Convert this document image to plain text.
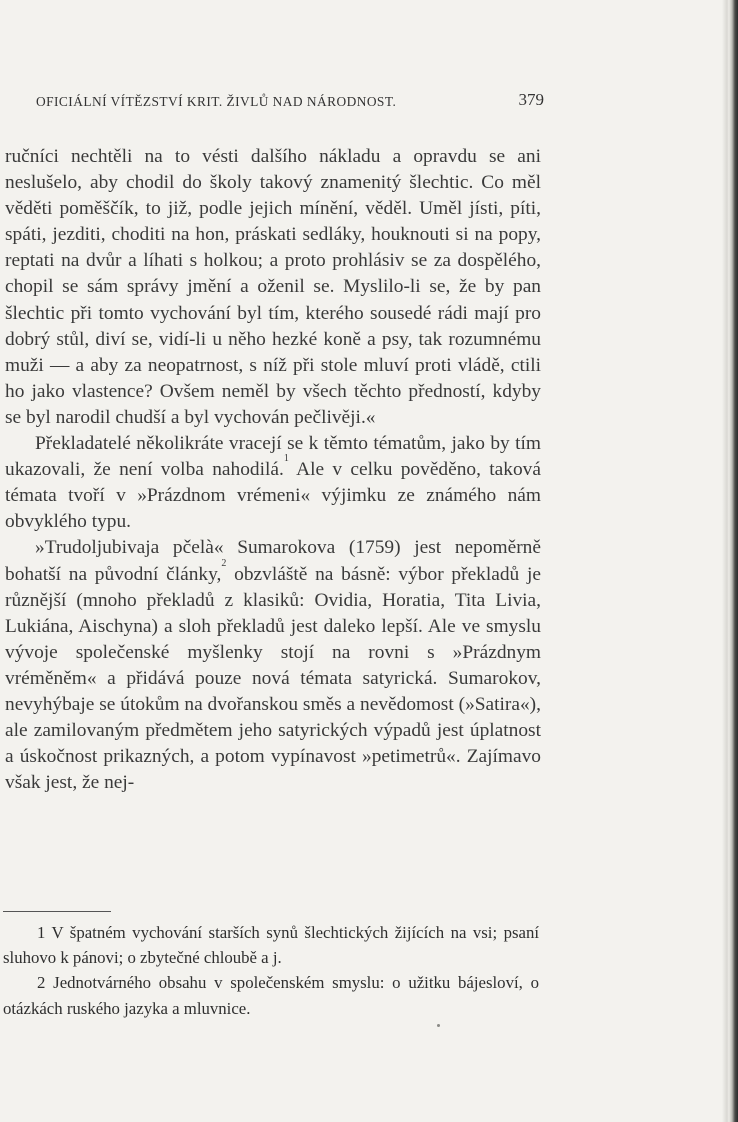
OFICIÁLNÍ VÍTĚZSTVÍ KRIT. ŽIVLŮ NAD NÁRODNOST.	379

ručníci nechtěli na to vésti dalšího nákladu a opravdu se ani neslušelo, aby chodil do školy takový znamenitý šlechtic. Co měl věděti poměščík, to již, podle jejich mínění, věděl. Uměl jísti, píti, spáti, jezditi, choditi na hon, práskati sedláky, houknouti si na popy, reptati na dvůr a líhati s holkou; a proto prohlásiv se za dospělého, chopil se sám správy jmění a oženil se. Myslilo-li se, že by pan šlechtic při tomto vychování byl tím, kterého sousedé rádi mají pro dobrý stůl, diví se, vidí-li u něho hezké koně a psy, tak rozumnému muži — a aby za neopatrnost, s níž při stole mluví proti vládě, ctili ho jako vlastence? Ovšem neměl by všech těchto předností, kdyby se byl narodil chudší a byl vychován pečlivěji.«

Překladatelé několikráte vracejí se k těmto tématům, jako by tím ukazovali, že není volba nahodilá.$^1$ Ale v celku pověděno, taková témata tvoří v »Prázdnom vrémeni« výjimku ze známého nám obvyklého typu.

»Trudoljubivaja pčelà« Sumarokova (1759) jest nepoměrně bohatší na původní články,$^2$ obzvláště na básně: výbor překladů je různější (mnoho překladů z klasiků: Ovidia, Horatia, Tita Livia, Lukiána, Aischyna) a sloh překladů jest daleko lepší. Ale ve smyslu vývoje společenské myšlenky stojí na rovni s »Prázdnym vréměněm« a přidává pouze nová témata satyrická. Sumarokov, nevyhýbaje se útokům na dvořanskou směs a nevědomost (»Satira«), ale zamilovaným předmětem jeho satyrických výpadů jest úplatnost a úskočnost prikazných, a potom vypínavost »petimetrů«. Zajímavo však jest, že nej-

1 V špatném vychování starších synů šlechtických žijících na vsi; psaní sluhovo k pánovi; o zbytečné chloubě a j.

2 Jednotvárného obsahu v společenském smyslu: o užitku bájesloví, o otázkách ruského jazyka a mluvnice.
